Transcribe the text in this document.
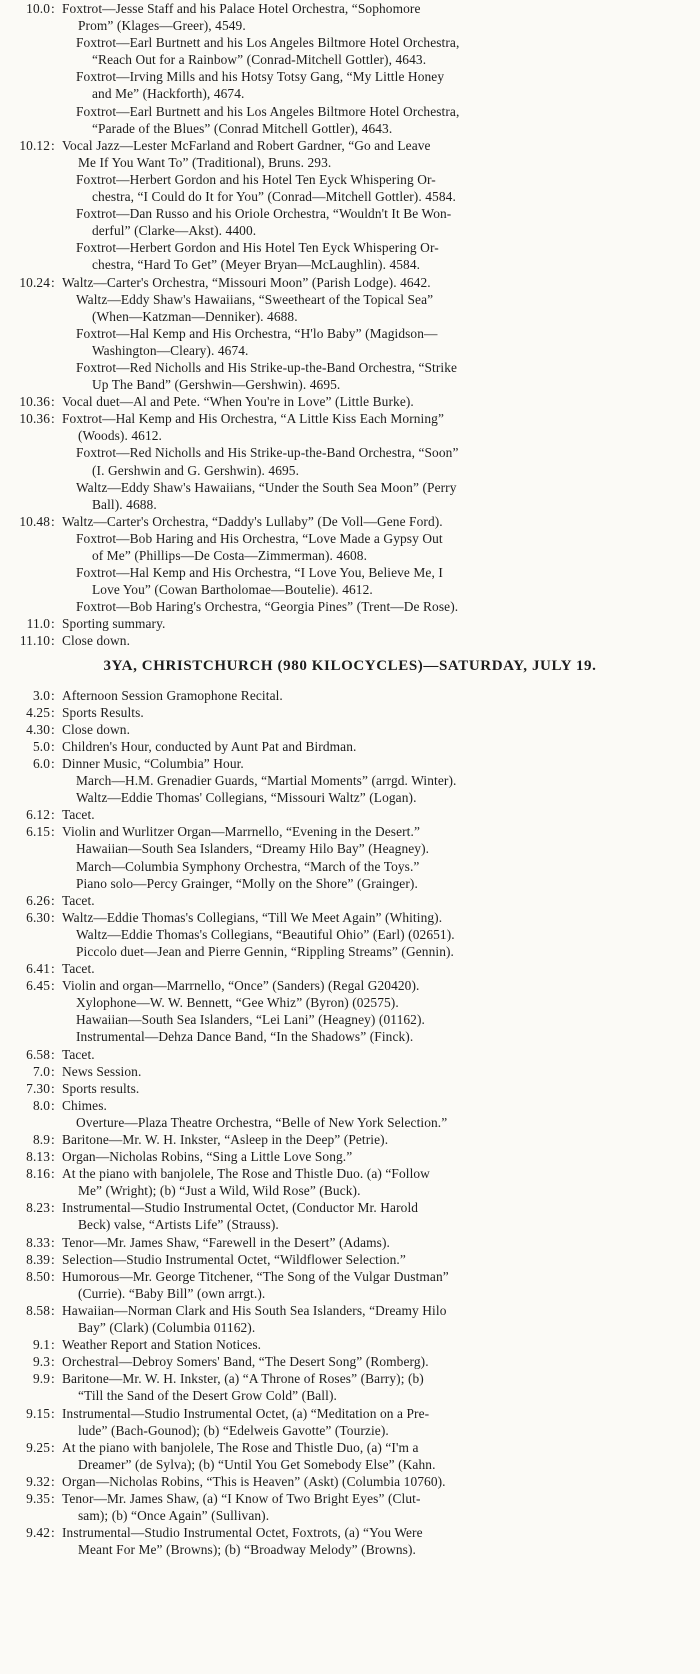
10.0 : Foxtrot—Jesse Staff and his Palace Hotel Orchestra, “Sophomore
Prom” (Klages—Greer), 4549.
Foxtrot—Earl Burtnett and his Los Angeles Biltmore Hotel Orchestra,
“Reach Out for a Rainbow” (Conrad-Mitchell Gottler), 4643.
Foxtrot—Irving Mills and his Hotsy Totsy Gang, “My Little Honey
and Me” (Hackforth), 4674.
Foxtrot—Earl Burtnett and his Los Angeles Biltmore Hotel Orchestra,
“Parade of the Blues” (Conrad Mitchell Gottler), 4643.
10.12 : Vocal Jazz—Lester McFarland and Robert Gardner, “Go and Leave
Me If You Want To” (Traditional), Bruns. 293.
Foxtrot—Herbert Gordon and his Hotel Ten Eyck Whispering Or-
chestra, “I Could do It for You” (Conrad—Mitchell Gottler). 4584.
Foxtrot—Dan Russo and his Oriole Orchestra, “Wouldn't It Be Won-
derful” (Clarke—Akst). 4400.
Foxtrot—Herbert Gordon and His Hotel Ten Eyck Whispering Or-
chestra, “Hard To Get” (Meyer Bryan—McLaughlin). 4584.
10.24 : Waltz—Carter's Orchestra, “Missouri Moon” (Parish Lodge). 4642.
Waltz—Eddy Shaw's Hawaiians, “Sweetheart of the Topical Sea”
(When—Katzman—Denniker). 4688.
Foxtrot—Hal Kemp and His Orchestra, “H'lo Baby” (Magidson—
Washington—Cleary). 4674.
Foxtrot—Red Nicholls and His Strike-up-the-Band Orchestra, “Strike
Up The Band” (Gershwin—Gershwin). 4695.
10.36 : Vocal duet—Al and Pete. “When You're in Love” (Little Burke).
10.36 : Foxtrot—Hal Kemp and His Orchestra, “A Little Kiss Each Morning”
(Woods). 4612.
Foxtrot—Red Nicholls and His Strike-up-the-Band Orchestra, “Soon”
(I. Gershwin and G. Gershwin). 4695.
Waltz—Eddy Shaw's Hawaiians, “Under the South Sea Moon” (Perry
Ball). 4688.
10.48 : Waltz—Carter's Orchestra, “Daddy's Lullaby” (De Voll—Gene Ford).
Foxtrot—Bob Haring and His Orchestra, “Love Made a Gypsy Out
of Me” (Phillips—De Costa—Zimmerman). 4608.
Foxtrot—Hal Kemp and His Orchestra, “I Love You, Believe Me, I
Love You” (Cowan Bartholomae—Boutelie). 4612.
Foxtrot—Bob Haring's Orchestra, “Georgia Pines” (Trent—De Rose).
11.0 : Sporting summary.
11.10 : Close down.
3YA, CHRISTCHURCH (980 KILOCYCLES)—SATURDAY, JULY 19.
3.0 : Afternoon Session Gramophone Recital.
4.25 : Sports Results.
4.30 : Close down.
5.0 : Children's Hour, conducted by Aunt Pat and Birdman.
6.0 : Dinner Music, “Columbia” Hour.
March—H.M. Grenadier Guards, “Martial Moments” (arrgd. Winter).
Waltz—Eddie Thomas' Collegians, “Missouri Waltz” (Logan).
6.12 : Tacet.
6.15 : Violin and Wurlitzer Organ—Marrnello, “Evening in the Desert.”
Hawaiian—South Sea Islanders, “Dreamy Hilo Bay” (Heagney).
March—Columbia Symphony Orchestra, “March of the Toys.”
Piano solo—Percy Grainger, “Molly on the Shore” (Grainger).
6.26 : Tacet.
6.30 : Waltz—Eddie Thomas's Collegians, “Till We Meet Again” (Whiting).
Waltz—Eddie Thomas's Collegians, “Beautiful Ohio” (Earl) (02651).
Piccolo duet—Jean and Pierre Gennin, “Rippling Streams” (Gennin).
6.41 : Tacet.
6.45 : Violin and organ—Marrnello, “Once” (Sanders) (Regal G20420).
Xylophone—W. W. Bennett, “Gee Whiz” (Byron) (02575).
Hawaiian—South Sea Islanders, “Lei Lani” (Heagney) (01162).
Instrumental—Dehza Dance Band, “In the Shadows” (Finck).
6.58 : Tacet.
7.0 : News Session.
7.30 : Sports results.
8.0 : Chimes.
Overture—Plaza Theatre Orchestra, “Belle of New York Selection.”
8.9 : Baritone—Mr. W. H. Inkster, “Asleep in the Deep” (Petrie).
8.13 : Organ—Nicholas Robins, “Sing a Little Love Song.”
8.16 : At the piano with banjolele, The Rose and Thistle Duo. (a) “Follow
Me” (Wright); (b) “Just a Wild, Wild Rose” (Buck).
8.23 : Instrumental—Studio Instrumental Octet, (Conductor Mr. Harold
Beck) valse, “Artists Life” (Strauss).
8.33 : Tenor—Mr. James Shaw, “Farewell in the Desert” (Adams).
8.39 : Selection—Studio Instrumental Octet, “Wildflower Selection.”
8.50 : Humorous—Mr. George Titchener, “The Song of the Vulgar Dustman”
(Currie). “Baby Bill” (own arrgt.).
8.58 : Hawaiian—Norman Clark and His South Sea Islanders, “Dreamy Hilo
Bay” (Clark) (Columbia 01162).
9.1 : Weather Report and Station Notices.
9.3 : Orchestral—Debroy Somers' Band, “The Desert Song” (Romberg).
9.9 : Baritone—Mr. W. H. Inkster, (a) “A Throne of Roses” (Barry); (b)
“Till the Sand of the Desert Grow Cold” (Ball).
9.15 : Instrumental—Studio Instrumental Octet, (a) “Meditation on a Pre-
lude” (Bach-Gounod); (b) “Edelweis Gavotte” (Tourzie).
9.25 : At the piano with banjolele, The Rose and Thistle Duo, (a) “I'm a
Dreamer” (de Sylva); (b) “Until You Get Somebody Else” (Kahn.
9.32 : Organ—Nicholas Robins, “This is Heaven” (Askt) (Columbia 10760).
9.35 : Tenor—Mr. James Shaw, (a) “I Know of Two Bright Eyes” (Clut-
sam); (b) “Once Again” (Sullivan).
9.42 : Instrumental—Studio Instrumental Octet, Foxtrots, (a) “You Were
Meant For Me” (Browns); (b) “Broadway Melody” (Browns).
